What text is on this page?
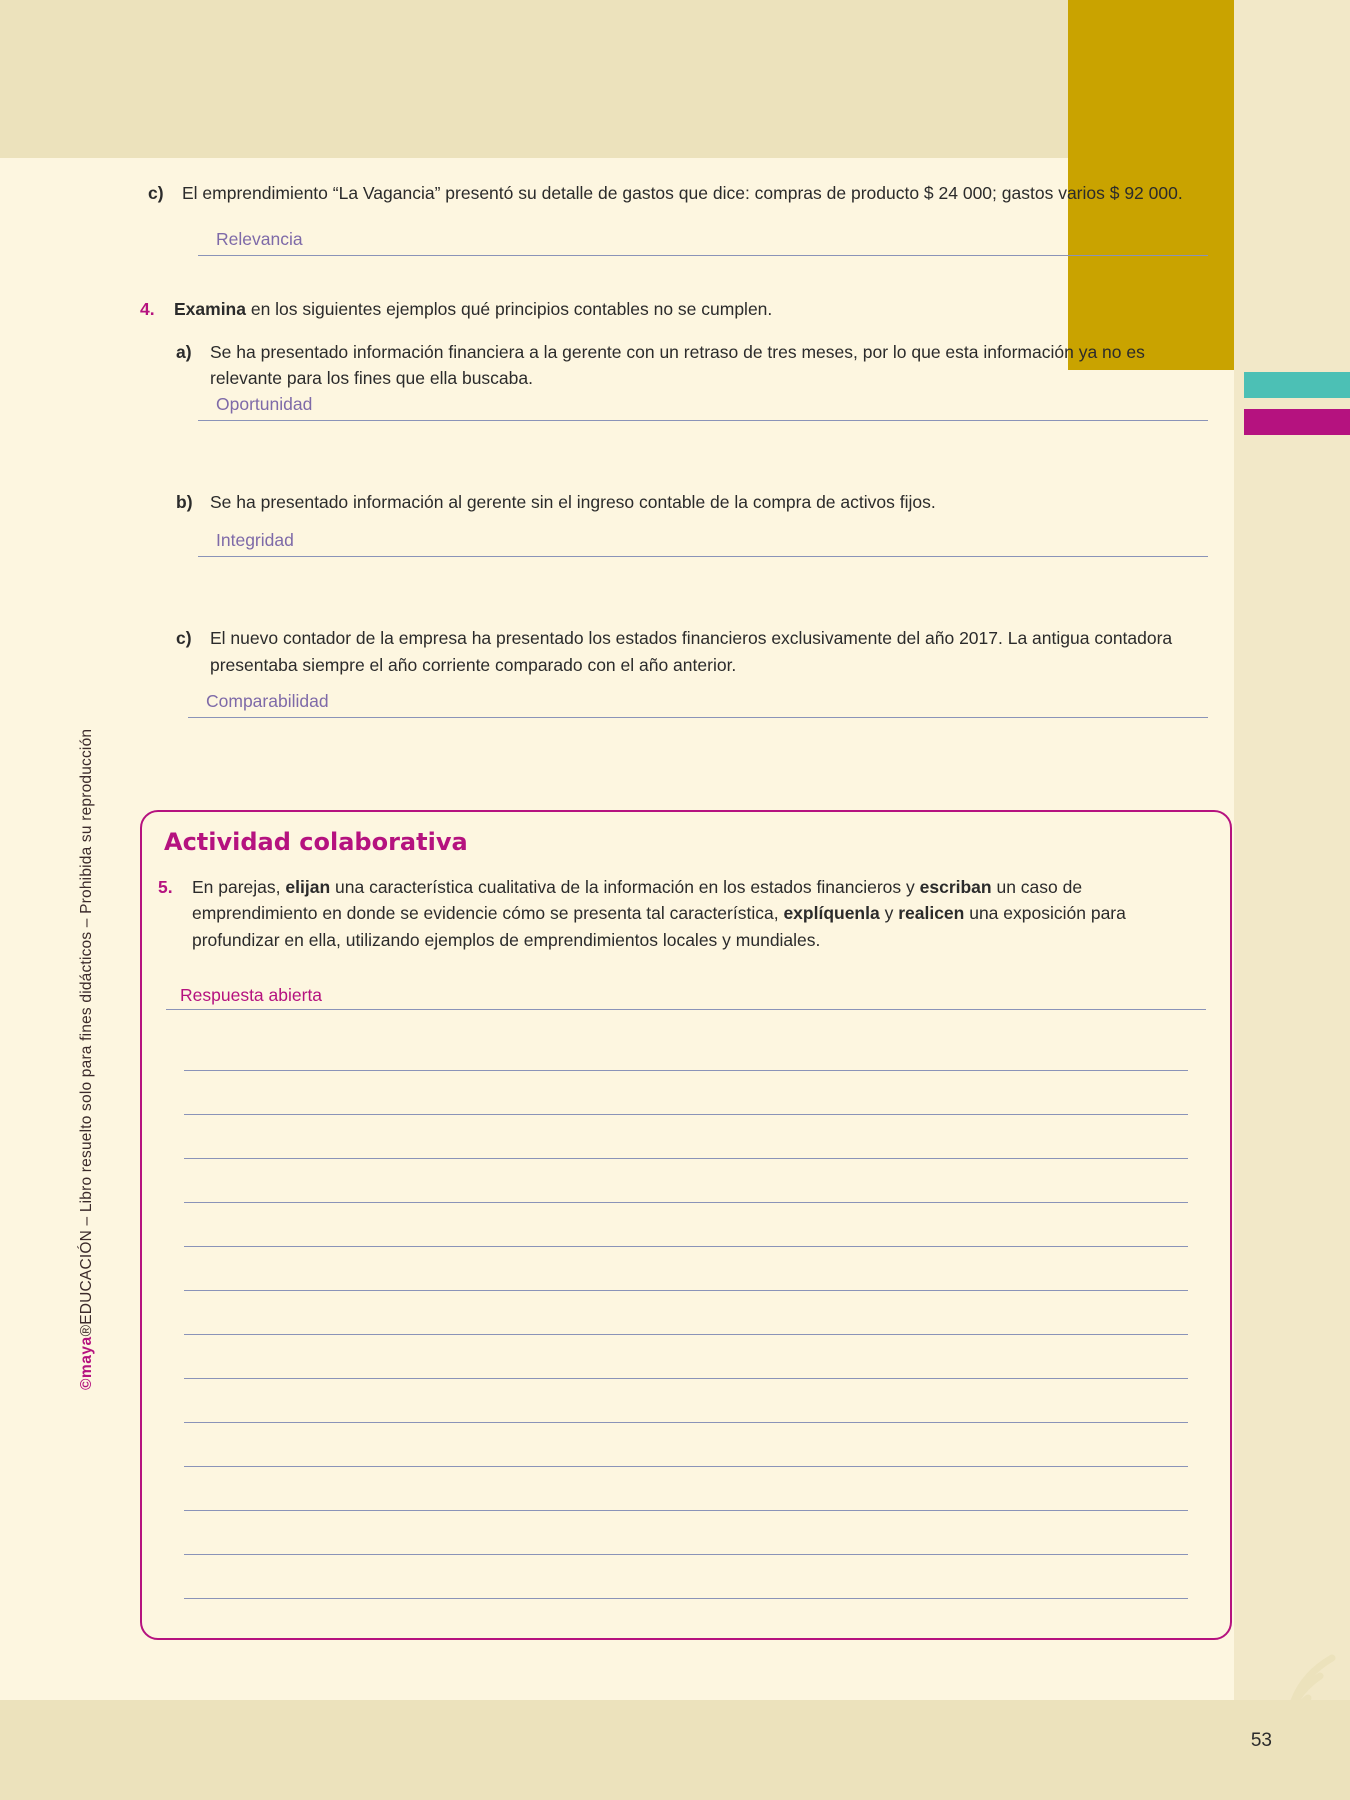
©maya®EDUCACIÓN – Libro resuelto solo para fines didácticos – Prohibida su reproducción
c)	El emprendimiento “La Vagancia” presentó su detalle de gastos que dice: compras de producto $ 24 000; gastos varios $ 92 000.
Relevancia
4.	Examina en los siguientes ejemplos qué principios contables no se cumplen.
a)	Se ha presentado información financiera a la gerente con un retraso de tres meses, por lo que esta información ya no es relevante para los fines que ella buscaba.
Oportunidad
b) Se ha presentado información al gerente sin el ingreso contable de la compra de activos fijos.
Integridad
c)	El nuevo contador de la empresa ha presentado los estados financieros exclusivamente del año 2017. La antigua contadora presentaba siempre el año corriente comparado con el año anterior.
Comparabilidad
Actividad colaborativa
5.	En parejas, elijan una característica cualitativa de la información en los estados financieros y escriban un caso de emprendimiento en donde se evidencie cómo se presenta tal característica, explíquenla y realicen una exposición para profundizar en ella, utilizando ejemplos de emprendimientos locales y mundiales.
Respuesta abierta
53
